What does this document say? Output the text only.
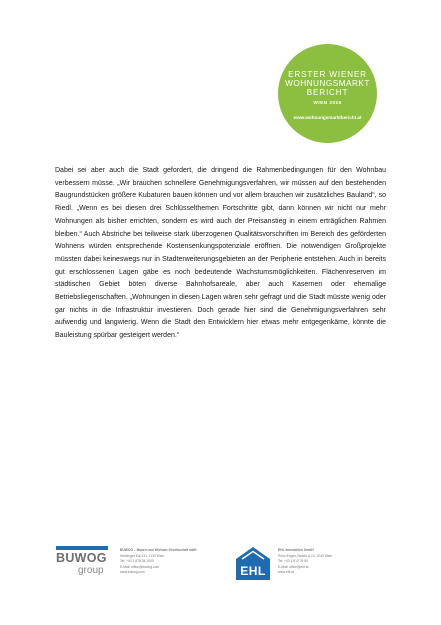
ERSTER WIENER
WOHNUNGSMARKT
BERICHT
WIEN 2016
www.wohnungsmarktbericht.at

Dabei sei aber auch die Stadt gefordert, die dringend die Rahmenbedingungen für den Wohnbau verbessern müsse. „Wir brauchen schnellere Genehmigungsverfahren, wir müssen auf den bestehenden Baugrundstücken größere Kubaturen bauen können und vor allem brauchen wir zusätzliches Bauland“, so Riedl. „Wenn es bei diesen drei Schlüsselthemen Fortschritte gibt, dann können wir nicht nur mehr Wohnungen als bisher errichten, sondern es wird auch der Preisanstieg in einem erträglichen Rahmen bleiben.“ Auch Abstriche bei teilweise stark überzogenen Qualitätsvorschriften im Bereich des geförderten Wohnens würden entsprechende Kostensenkungspotenziale eröffnen. Die notwendigen Großprojekte müssten dabei keineswegs nur in Stadterweiterungsgebieten an der Peripherie entstehen. Auch in bereits gut erschlossenen Lagen gäbe es noch bedeutende Wachstumsmöglichkeiten. Flächenreserven im städtischen Gebiet böten diverse Bahnhofsareale, aber auch Kasernen oder ehemalige Betriebsliegenschaften. „Wohnungen in diesen Lagen wären sehr gefragt und die Stadt müsste wenig oder gar nichts in die Infrastruktur investieren. Doch gerade hier sind die Genehmigungsverfahren sehr aufwendig und langwierig. Wenn die Stadt den Entwicklern hier etwas mehr entgegenkäme, könnte die Bauleistung spürbar gesteigert werden.“

BUWOG
group
BUWOG – Bauen und Wohnen Gesellschaft mbH
Hietzinger Kai 131, 1130 Wien
Tel: +43 1 878 28-1000
E-Mail: office@buwog.com
www.buwog.com	EHL
EHL Immobilien GmbH
Prinz-Eugen-Straße 8-10, 1040 Wien
Tel: +43 1 512 76 90
E-Mail: office@ehl.at
www.ehl.at
